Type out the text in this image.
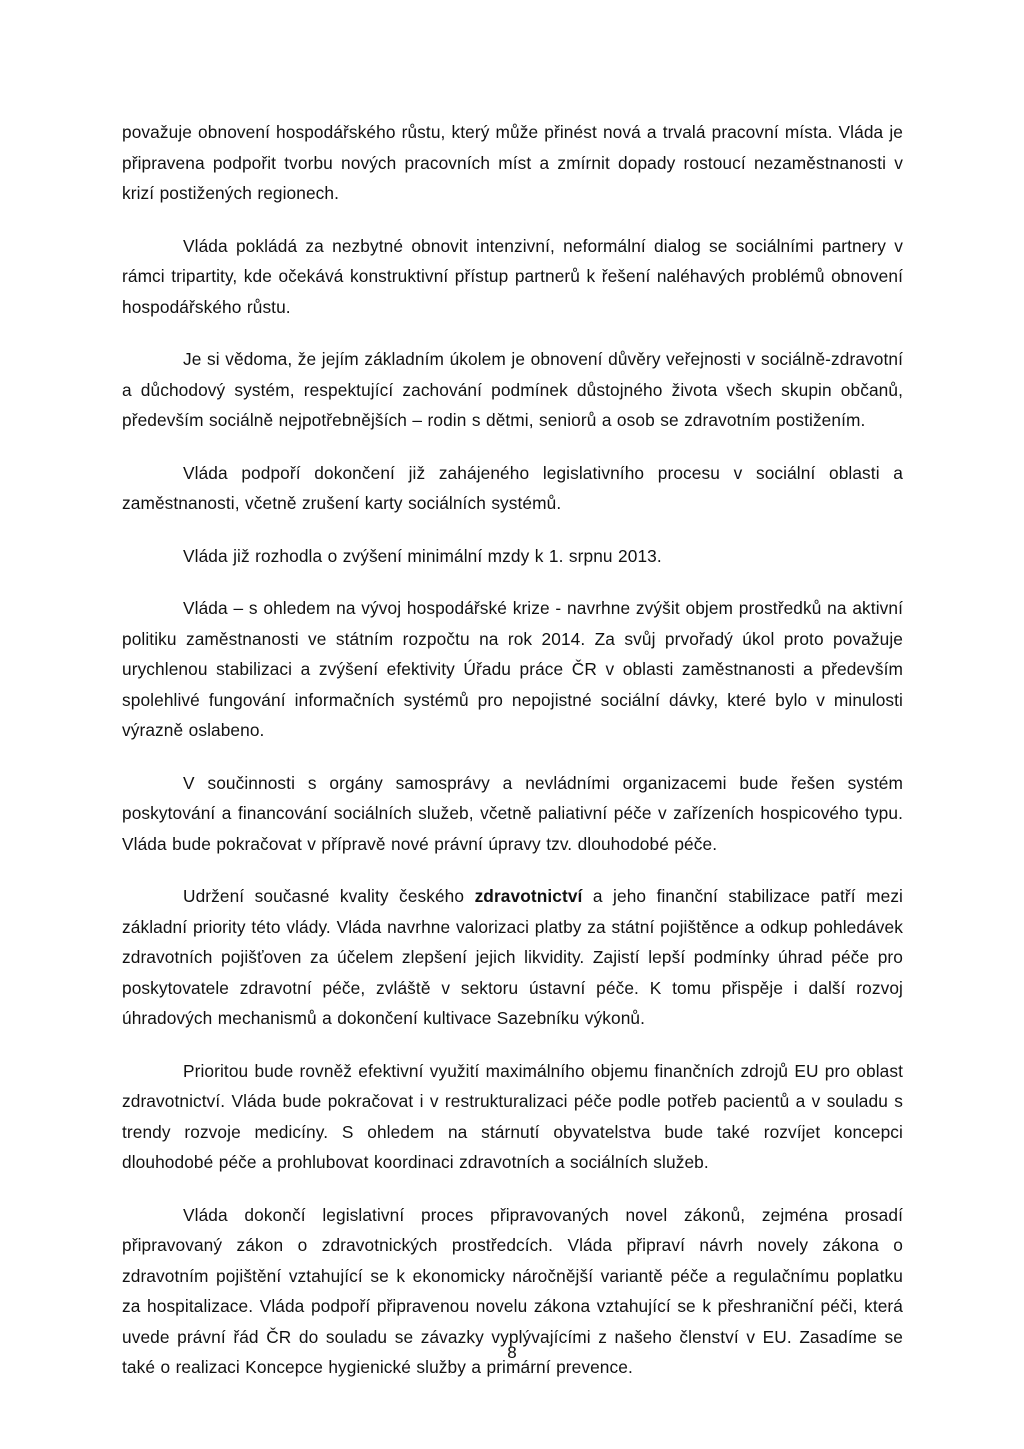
považuje obnovení hospodářského růstu, který může přinést nová a trvalá pracovní místa. Vláda je připravena podpořit tvorbu nových pracovních míst a zmírnit dopady rostoucí nezaměstnanosti v krizí postižených regionech.

Vláda pokládá za nezbytné obnovit intenzivní, neformální dialog se sociálními partnery v rámci tripartity, kde očekává konstruktivní přístup partnerů k řešení naléhavých problémů obnovení hospodářského růstu.

Je si vědoma, že jejím základním úkolem je obnovení důvěry veřejnosti v sociálně-zdravotní a důchodový systém, respektující zachování podmínek důstojného života všech skupin občanů, především sociálně nejpotřebnějších – rodin s dětmi, seniorů a osob se zdravotním postižením.

Vláda podpoří dokončení již zahájeného legislativního procesu v sociální oblasti a zaměstnanosti, včetně zrušení karty sociálních systémů.

Vláda již rozhodla o zvýšení minimální mzdy k 1. srpnu 2013.

Vláda – s ohledem na vývoj hospodářské krize - navrhne zvýšit objem prostředků na aktivní politiku zaměstnanosti ve státním rozpočtu na rok 2014. Za svůj prvořadý úkol proto považuje urychlenou stabilizaci a zvýšení efektivity Úřadu práce ČR v oblasti zaměstnanosti a především spolehlivé fungování informačních systémů pro nepojistné sociální dávky, které bylo v minulosti výrazně oslabeno.

V součinnosti s orgány samosprávy a nevládními organizacemi bude řešen systém poskytování a financování sociálních služeb, včetně paliativní péče v zařízeních hospicového typu. Vláda bude pokračovat v přípravě nové právní úpravy tzv. dlouhodobé péče.

Udržení současné kvality českého zdravotnictví a jeho finanční stabilizace patří mezi základní priority této vlády. Vláda navrhne valorizaci platby za státní pojištěnce a odkup pohledávek zdravotních pojišťoven za účelem zlepšení jejich likvidity. Zajistí lepší podmínky úhrad péče pro poskytovatele zdravotní péče, zvláště v sektoru ústavní péče. K tomu přispěje i další rozvoj úhradových mechanismů a dokončení kultivace Sazebníku výkonů.

Prioritou bude rovněž efektivní využití maximálního objemu finančních zdrojů EU pro oblast zdravotnictví. Vláda bude pokračovat i v restrukturalizaci péče podle potřeb pacientů a v souladu s trendy rozvoje medicíny. S ohledem na stárnutí obyvatelstva bude také rozvíjet koncepci dlouhodobé péče a prohlubovat koordinaci zdravotních a sociálních služeb.

Vláda dokončí legislativní proces připravovaných novel zákonů, zejména prosadí připravovaný zákon o zdravotnických prostředcích. Vláda připraví návrh novely zákona o zdravotním pojištění vztahující se k ekonomicky náročnější variantě péče a regulačnímu poplatku za hospitalizace. Vláda podpoří připravenou novelu zákona vztahující se k přeshraniční péči, která uvede právní řád ČR do souladu se závazky vyplývajícími z našeho členství v EU. Zasadíme se také o realizaci Koncepce hygienické služby a primární prevence.

8
